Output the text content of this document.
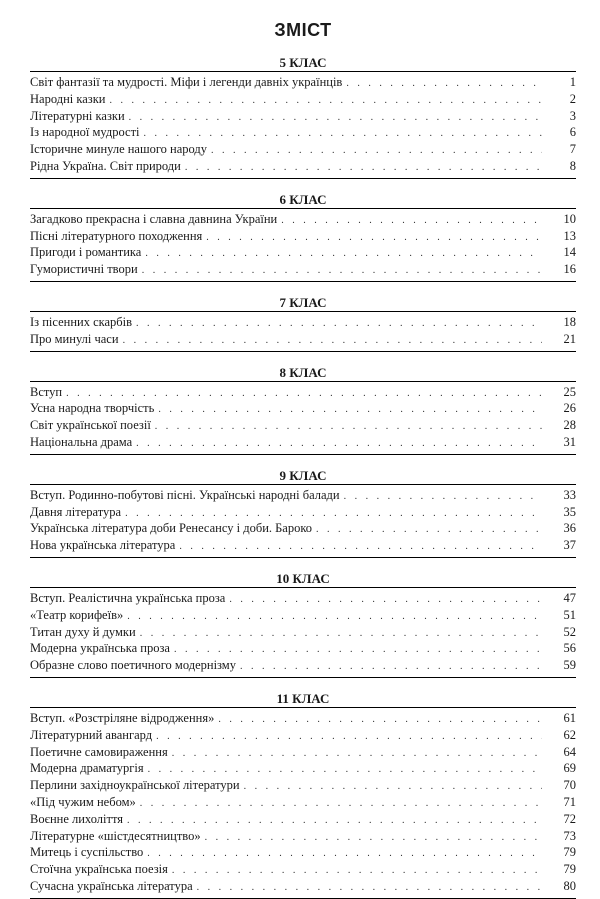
ЗМІСТ
5 КЛАС
Світ фантазії та мудрості. Міфи і легенди давніх українців . . .	1
Народні казки . . .	2
Літературні казки . . .	3
Із народної мудрості . . .	6
Історичне минуле нашого народу . . .	7
Рідна Україна. Світ природи . . .	8
6 КЛАС
Загадково прекрасна і славна давнина України . . .	10
Пісні літературного походження . . .	13
Пригоди і романтика . . .	14
Гумористичні твори . . .	16
7 КЛАС
Із пісенних скарбів . . .	18
Про минулі часи . . .	21
8 КЛАС
Вступ . . .	25
Усна народна творчість . . .	26
Світ української поезії . . .	28
Національна драма . . .	31
9 КЛАС
Вступ. Родинно-побутові пісні. Українські народні балади . . .	33
Давня література . . .	35
Українська література доби Ренесансу і доби. Бароко . . .	36
Нова українська література . . .	37
10 КЛАС
Вступ. Реалістична українська проза . . .	47
«Театр корифеїв» . . .	51
Титан духу й думки . . .	52
Модерна українська проза . . .	56
Образне слово поетичного модернізму . . .	59
11 КЛАС
Вступ. «Розстріляне відродження» . . .	61
Літературний авангард . . .	62
Поетичне самовираження . . .	64
Модерна драматургія . . .	69
Перлини західноукраїнської літератури . . .	70
«Під чужим небом» . . .	71
Воєнне лихоліття . . .	72
Літературне «шістдесятництво» . . .	73
Митець і суспільство . . .	79
Стоїчна українська поезія . . .	79
Сучасна українська література . . .	80
